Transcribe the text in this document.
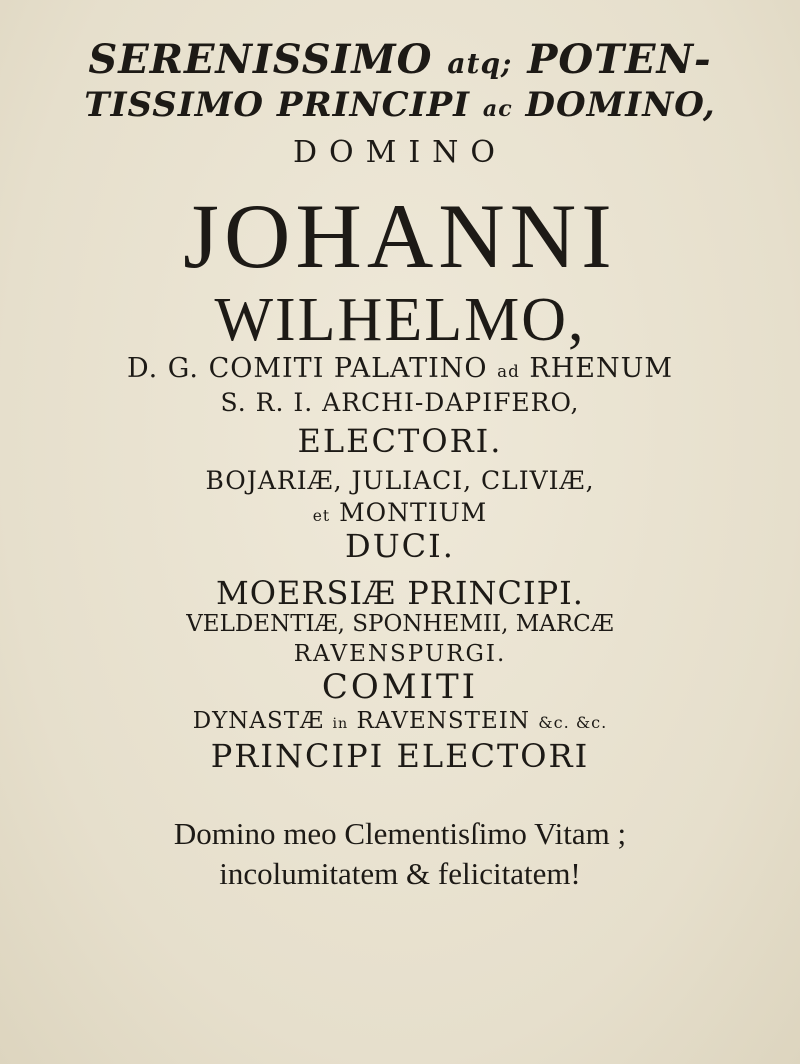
SERENISSIMO atq; POTEN-
TISSIMO PRINCIPI ac DOMINO,
DOMINO
JOHANNI
WILHELMO,
D. G. COMITI PALATINO ad RHENUM
S. R. I. ARCHI-DAPIFERO,
ELECTORI.
BOJARIÆ, JULIACI, CLIVIÆ,
et MONTIUM
DUCI.
MOERSIÆ PRINCIPI.
VELDENTIÆ, SPONHEMII, MARCÆ
RAVENSPURGI.
COMITI
DYNASTÆ in RAVENSTEIN &c. &c.
PRINCIPI ELECTORI
Domino meo Clementisſimo Vitam ;
incolumitatem & felicitatem!
